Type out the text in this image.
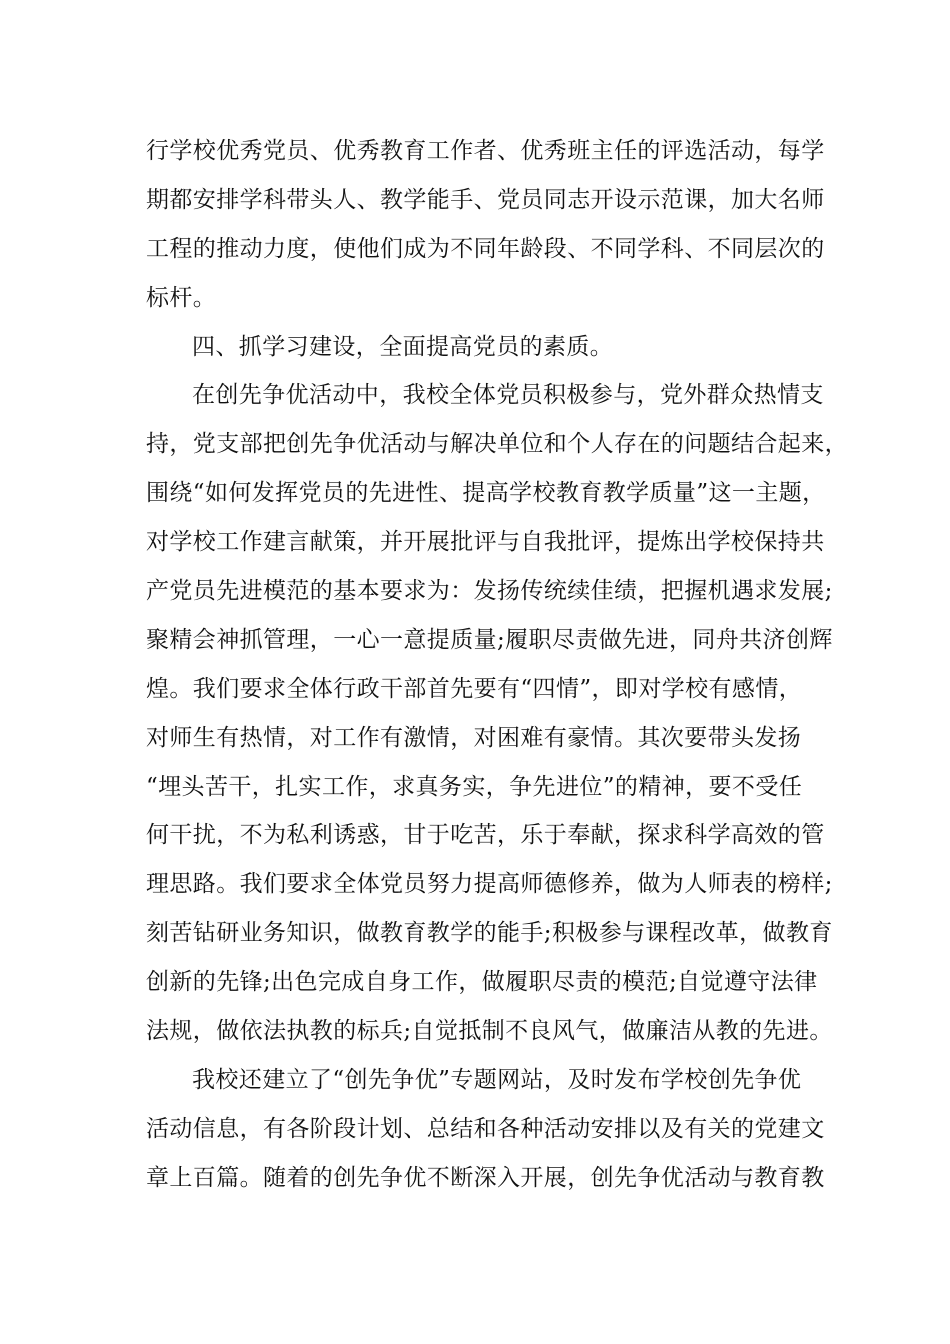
行学校优秀党员、优秀教育工作者、优秀班主任的评选活动，每学
期都安排学科带头人、教学能手、党员同志开设示范课，加大名师
工程的推动力度，使他们成为不同年龄段、不同学科、不同层次的
标杆。
四、抓学习建设，全面提高党员的素质。
在创先争优活动中，我校全体党员积极参与，党外群众热情支
持，党支部把创先争优活动与解决单位和个人存在的问题结合起来，
围绕“如何发挥党员的先进性、提高学校教育教学质量”这一主题，
对学校工作建言献策，并开展批评与自我批评，提炼出学校保持共
产党员先进模范的基本要求为：发扬传统续佳绩，把握机遇求发展;
聚精会神抓管理，一心一意提质量;履职尽责做先进，同舟共济创辉
煌。我们要求全体行政干部首先要有“四情”，即对学校有感情，
对师生有热情，对工作有激情，对困难有豪情。其次要带头发扬
“埋头苦干，扎实工作，求真务实，争先进位”的精神，要不受任
何干扰，不为私利诱惑，甘于吃苦，乐于奉献，探求科学高效的管
理思路。我们要求全体党员努力提高师德修养，做为人师表的榜样;
刻苦钻研业务知识，做教育教学的能手;积极参与课程改革，做教育
创新的先锋;出色完成自身工作，做履职尽责的模范;自觉遵守法律
法规，做依法执教的标兵;自觉抵制不良风气，做廉洁从教的先进。
我校还建立了“创先争优”专题网站，及时发布学校创先争优
活动信息，有各阶段计划、总结和各种活动安排以及有关的党建文
章上百篇。随着的创先争优不断深入开展，创先争优活动与教育教
